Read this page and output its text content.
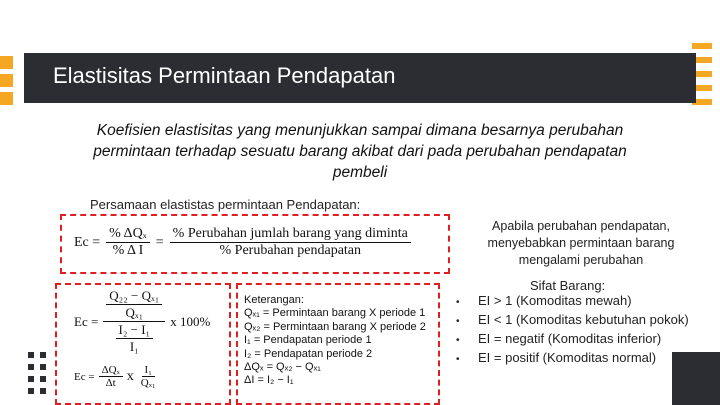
Elastisitas Permintaan Pendapatan
Koefisien elastisitas yang menunjukkan sampai dimana besarnya perubahan permintaan terhadap sesuatu barang akibat dari pada perubahan pendapatan pembeli
Persamaan elastistas permintaan Pendapatan:
$Ec = \frac{\text{\% ΔQₓ}}{\text{\% Δ I}} = \frac{\text{\% Perubahan jumlah barang yang diminta}}{\text{\% Perubahan pendapatan}}$
$Ec = \frac{\frac{\text{Q₂₂ − Qₓ₁}}{\text{Qₓ₁}}}{\frac{\text{I₂ − I₁}}{\text{I₁}}}$ x 100%
$Ec = \frac{\text{ΔQₓ}}{\Delta t}$ x $\frac{\text{I₁}}{\text{Qₓ₁}}$
Keterangan:
Qₓ₁ = Permintaan barang X periode 1
Qₓ₂ = Permintaan barang X periode 2
I₁ = Pendapatan periode 1
I₂ = Pendapatan periode 2
ΔQₓ = Qₓ₂ − Qₓ₁
ΔI = I₂ − I₁
Apabila perubahan pendapatan, menyebabkan permintaan barang mengalami perubahan
Sifat Barang:
• EI > 1 (Komoditas mewah)
• EI < 1 (Komoditas kebutuhan pokok)
• EI = negatif (Komoditas inferior)
• EI = positif (Komoditas normal)
